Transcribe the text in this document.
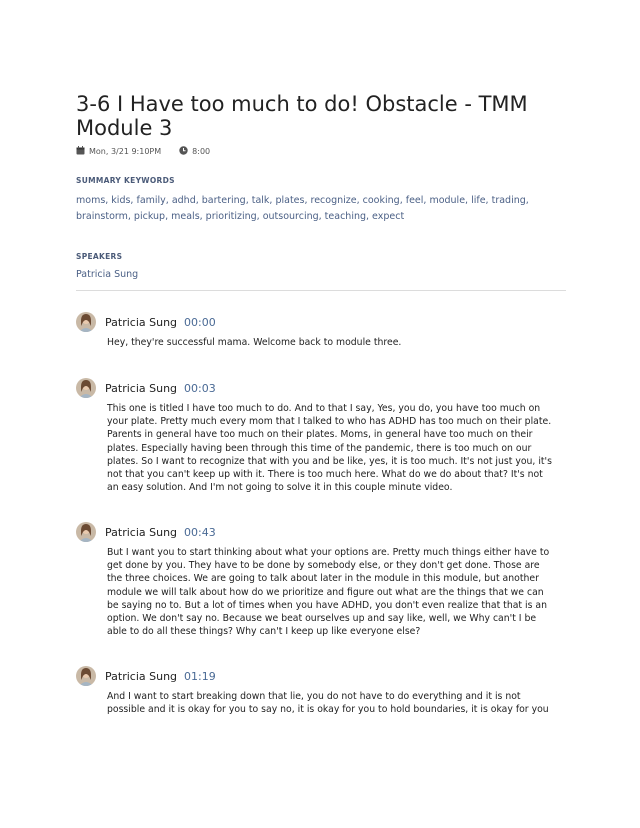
3-6 I Have too much to do! Obstacle - TMM Module 3
Mon, 3/21 9:10PM	8:00

SUMMARY KEYWORDS

moms, kids, family, adhd, bartering, talk, plates, recognize, cooking, feel, module, life, trading, brainstorm, pickup, meals, prioritizing, outsourcing, teaching, expect

SPEAKERS

Patricia Sung
Patricia Sung 00:00
Hey, they're successful mama. Welcome back to module three.
Patricia Sung 00:03
This one is titled I have too much to do. And to that I say, Yes, you do, you have too much on your plate. Pretty much every mom that I talked to who has ADHD has too much on their plate. Parents in general have too much on their plates. Moms, in general have too much on their plates. Especially having been through this time of the pandemic, there is too much on our plates. So I want to recognize that with you and be like, yes, it is too much. It's not just you, it's not that you can't keep up with it. There is too much here. What do we do about that? It's not an easy solution. And I'm not going to solve it in this couple minute video.
Patricia Sung 00:43
But I want you to start thinking about what your options are. Pretty much things either have to get done by you. They have to be done by somebody else, or they don't get done. Those are the three choices. We are going to talk about later in the module in this module, but another module we will talk about how do we prioritize and figure out what are the things that we can be saying no to. But a lot of times when you have ADHD, you don't even realize that that is an option. We don't say no. Because we beat ourselves up and say like, well, we Why can't I be able to do all these things? Why can't I keep up like everyone else?
Patricia Sung 01:19
And I want to start breaking down that lie, you do not have to do everything and it is not possible and it is okay for you to say no, it is okay for you to hold boundaries, it is okay for you
